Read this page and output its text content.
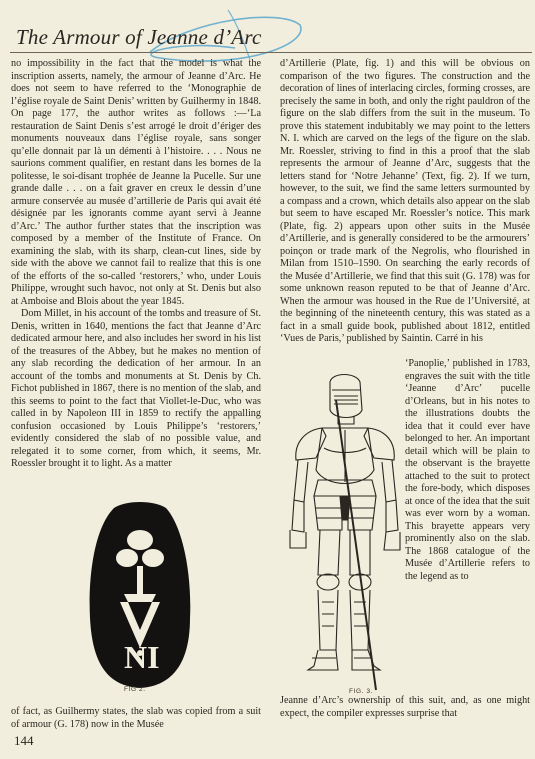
The Armour of Jeanne d’Arc

no impossibility in the fact that the model is what the inscription asserts, namely, the armour of Jeanne d’Arc. He does not seem to have referred to the ‘Monographie de l’église royale de Saint Denis’ written by Guilhermy in 1848. On page 177, the author writes as follows :—‘La restauration de Saint Denis s’est arrogé le droit d’ériger des monuments nouveaux dans l’église royale, sans songer qu’elle donnait par là un démenti à l’histoire. . . . Nous ne saurions comment qualifier, en restant dans les bornes de la politesse, le soi-disant trophée de Jeanne la Pucelle. Sur une grande dalle . . . on a fait graver en creux le dessin d’une armure conservée au musée d’artillerie de Paris qui avait été désignée par les ignorants comme ayant servi à Jeanne d’Arc.’ The author further states that the inscription was composed by a member of the Institute of France. On examining the slab, with its sharp, clean-cut lines, side by side with the above we cannot fail to realize that this is one of the efforts of the so-called ‘restorers,’ who, under Louis Philippe, wrought such havoc, not only at St. Denis but also at Amboise and Blois about the year 1845.

Dom Millet, in his account of the tombs and treasure of St. Denis, written in 1640, mentions the fact that Jeanne d’Arc dedicated armour here, and also includes her sword in his list of the treasures of the Abbey, but he makes no mention of any slab recording the dedication of her armour. In an account of the tombs and monuments at St. Denis by Ch. Fichot published in 1867, there is no mention of the slab, and this seems to point to the fact that Viollet-le-Duc, who was called in by Napoleon III in 1859 to rectify the appalling confusion occasioned by Louis Philippe’s ‘restorers,’ evidently considered the slab of no possible value, and relegated it to some corner, from which, it seems, Mr. Roessler brought it to light. As a matter

d’Artillerie (Plate, fig. 1) and this will be obvious on comparison of the two figures. The construction and the decoration of lines of interlacing circles, forming crosses, are precisely the same in both, and only the right pauldron of the figure on the slab differs from the suit in the museum. To prove this statement indubitably we may point to the letters N. I. which are carved on the legs of the figure on the slab. Mr. Roessler, striving to find in this a proof that the slab represents the armour of Jeanne d’Arc, suggests that the letters stand for ‘Notre Jehanne’ (Text, fig. 2). If we turn, however, to the suit, we find the same letters surmounted by a compass and a crown, which details also appear on the slab but seem to have escaped Mr. Roessler’s notice. This mark (Plate, fig. 2) appears upon other suits in the Musée d’Artillerie, and is generally considered to be the armourers’ poinçon or trade mark of the Negrolis, who flourished in Milan from 1510–1590. On searching the early records of the Musée d’Artillerie, we find that this suit (G. 178) was for some unknown reason reputed to be that of Jeanne d’Arc. When the armour was housed in the Rue de l’Université, at the beginning of the nineteenth century, this was stated as a fact in a small guide book, published about 1812, entitled ‘Vues de Paris,’ published by Saintin. Carré in his

‘Panoplie,’ published in 1783, engraves the suit with the title ‘Jeanne d’Arc’ pucelle d’Orleans, but in his notes to the illustrations doubts the idea that it could ever have belonged to her. An important detail which will be plain to the observant is the brayette attached to the suit to protect the fore-body, which disposes at once of the idea that the suit was ever worn by a woman. This brayette appears very prominently also on the slab. The 1868 catalogue of the Musée d’Artillerie refers to the legend as to

NI
FIG 2.	FIG. 3.

of fact, as Guilhermy states, the slab was copied from a suit of armour (G. 178) now in the Musée

Jeanne d’Arc’s ownership of this suit, and, as one might expect, the compiler expresses surprise that

144
